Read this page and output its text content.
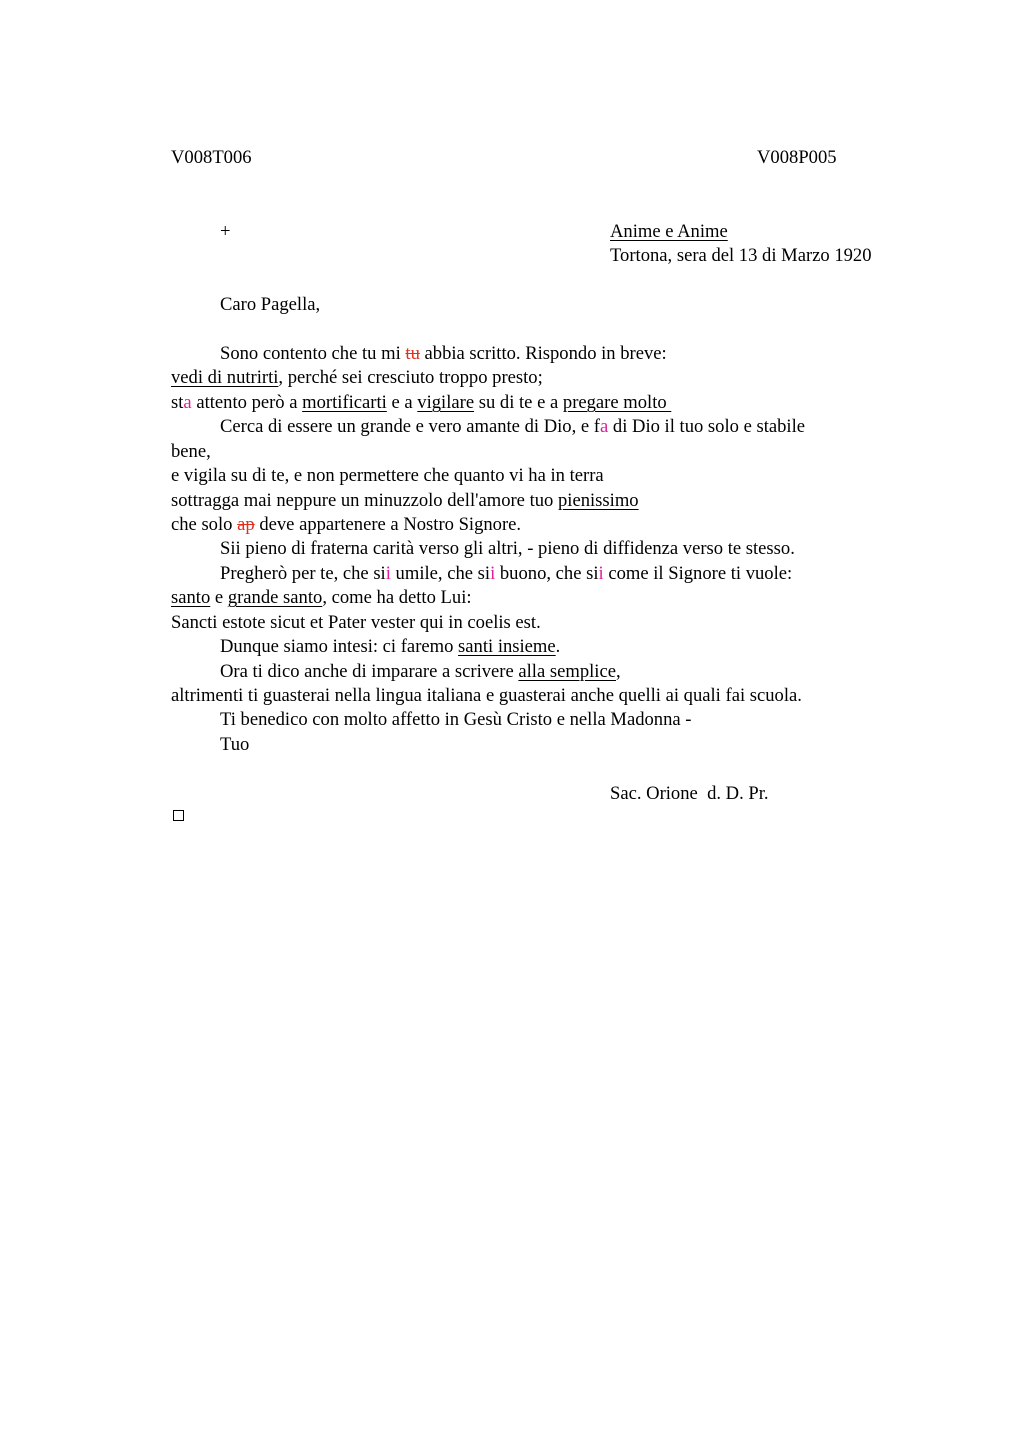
V008T006	V008P005
+	Anime e Anime
Tortona, sera del 13 di Marzo 1920
Caro Pagella,
Sono contento che tu mi tu abbia scritto. Rispondo in breve:
vedi di nutrirti, perché sei cresciuto troppo presto;
sta attento però a mortificarti e a vigilare su di te e a pregare molto
Cerca di essere un grande e vero amante di Dio, e fa di Dio il tuo solo e stabile
bene,
e vigila su di te, e non permettere che quanto vi ha in terra
sottragga mai neppure un minuzzolo dell'amore tuo pienissimo
che solo ap deve appartenere a Nostro Signore.
Sii pieno di fraterna carità verso gli altri, - pieno di diffidenza verso te stesso.
Pregherò per te, che sii umile, che sii buono, che sii come il Signore ti vuole:
santo e grande santo, come ha detto Lui:
Sancti estote sicut et Pater vester qui in coelis est.
Dunque siamo intesi: ci faremo santi insieme.
Ora ti dico anche di imparare a scrivere alla semplice,
altrimenti ti guasterai nella lingua italiana e guasterai anche quelli ai quali fai scuola.
Ti benedico con molto affetto in Gesù Cristo e nella Madonna -
Tuo
Sac. Orione  d. D. Pr.
